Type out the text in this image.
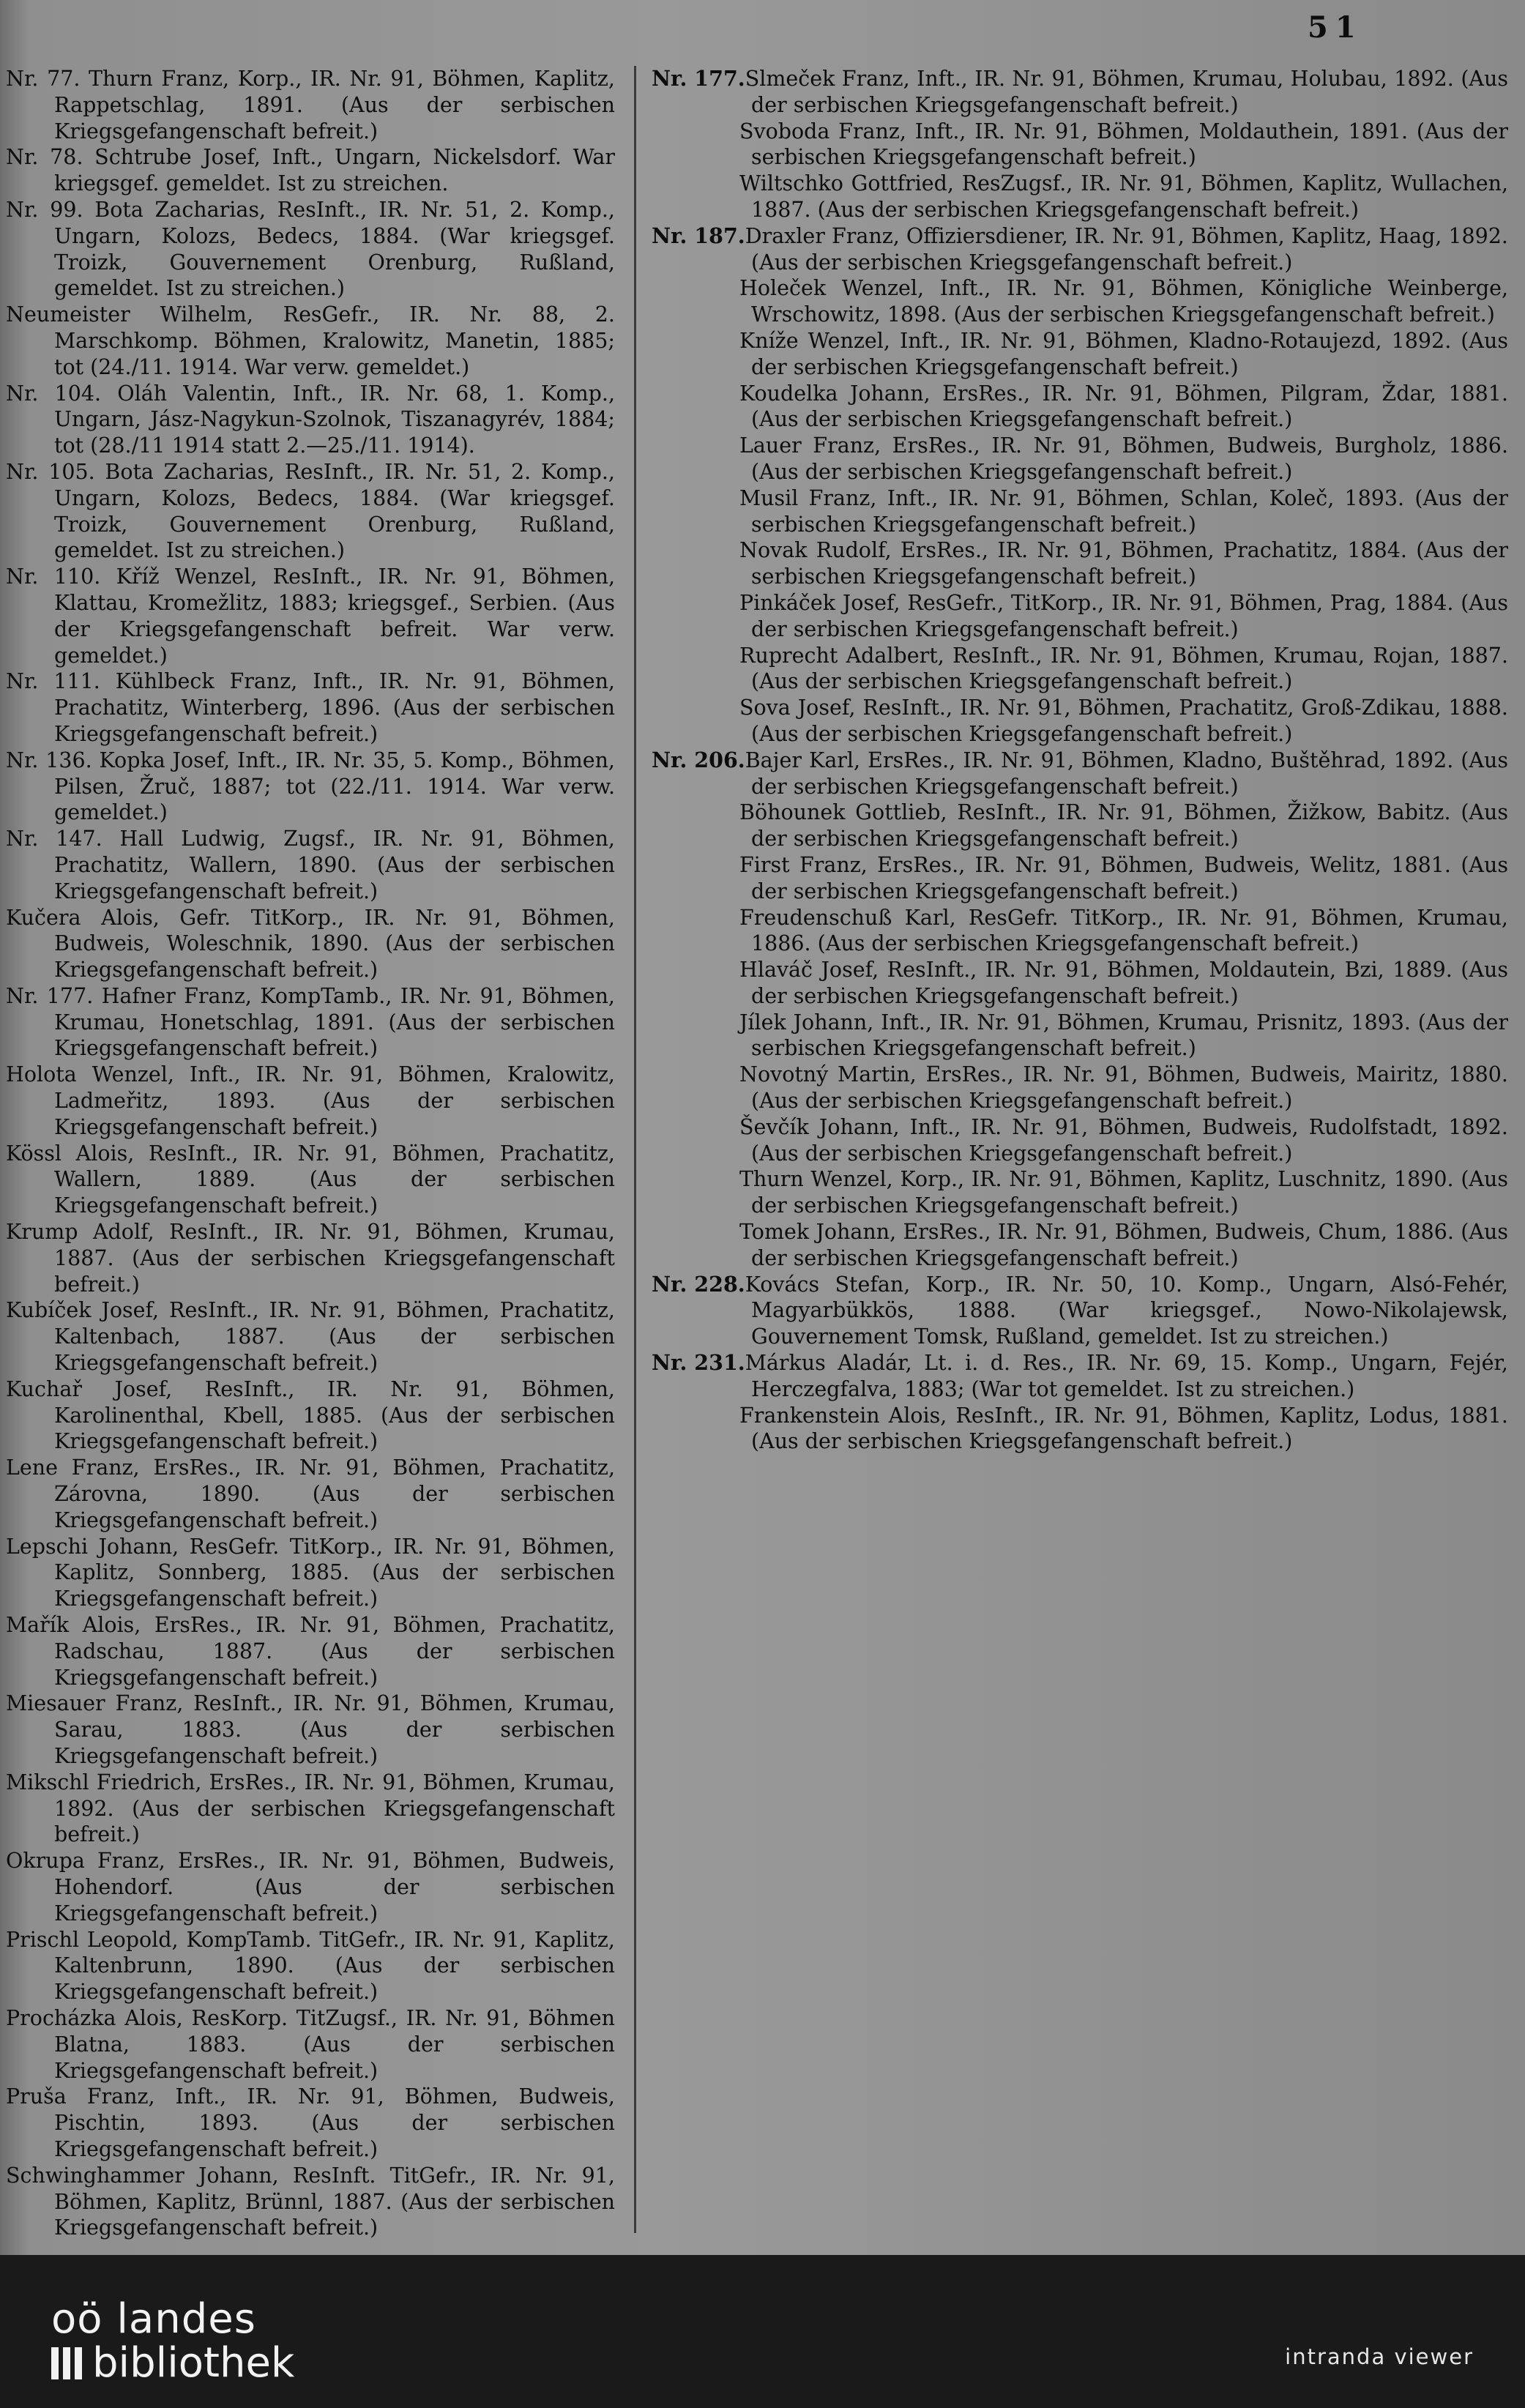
51

Nr. 77. Thurn Franz, Korp., IR. Nr. 91, Böhmen, Kaplitz, Rappetschlag, 1891. (Aus der serbischen Kriegsgefangenschaft befreit.)

Nr. 78. Schtrube Josef, Inft., Ungarn, Nickelsdorf. War kriegsgef. gemeldet. Ist zu streichen.

Nr. 99. Bota Zacharias, ResInft., IR. Nr. 51, 2. Komp., Ungarn, Kolozs, Bedecs, 1884. (War kriegsgef. Troizk, Gouvernement Orenburg, Rußland, gemeldet. Ist zu streichen.)

Neumeister Wilhelm, ResGefr., IR. Nr. 88, 2. Marschkomp. Böhmen, Kralowitz, Manetin, 1885; tot (24./11. 1914. War verw. gemeldet.)

Nr. 104. Oláh Valentin, Inft., IR. Nr. 68, 1. Komp., Ungarn, Jász-Nagykun-Szolnok, Tiszanagyrév, 1884; tot (28./11 1914 statt 2.—25./11. 1914).

Nr. 105. Bota Zacharias, ResInft., IR. Nr. 51, 2. Komp., Ungarn, Kolozs, Bedecs, 1884. (War kriegsgef. Troizk, Gouvernement Orenburg, Rußland, gemeldet. Ist zu streichen.)

Nr. 110. Kříž Wenzel, ResInft., IR. Nr. 91, Böhmen, Klattau, Kromežlitz, 1883; kriegsgef., Serbien. (Aus der Kriegsgefangenschaft befreit. War verw. gemeldet.)

Nr. 111. Kühlbeck Franz, Inft., IR. Nr. 91, Böhmen, Prachatitz, Winterberg, 1896. (Aus der serbischen Kriegsgefangenschaft befreit.)

Nr. 136. Kopka Josef, Inft., IR. Nr. 35, 5. Komp., Böhmen, Pilsen, Žruč, 1887; tot (22./11. 1914. War verw. gemeldet.)

Nr. 147. Hall Ludwig, Zugsf., IR. Nr. 91, Böhmen, Prachatitz, Wallern, 1890. (Aus der serbischen Kriegsgefangenschaft befreit.)

Kučera Alois, Gefr. TitKorp., IR. Nr. 91, Böhmen, Budweis, Woleschnik, 1890. (Aus der serbischen Kriegsgefangenschaft befreit.)

Nr. 177. Hafner Franz, KompTamb., IR. Nr. 91, Böhmen, Krumau, Honetschlag, 1891. (Aus der serbischen Kriegsgefangenschaft befreit.)

Holota Wenzel, Inft., IR. Nr. 91, Böhmen, Kralowitz, Ladmeřitz, 1893. (Aus der serbischen Kriegsgefangenschaft befreit.)

Kössl Alois, ResInft., IR. Nr. 91, Böhmen, Prachatitz, Wallern, 1889. (Aus der serbischen Kriegsgefangenschaft befreit.)

Krump Adolf, ResInft., IR. Nr. 91, Böhmen, Krumau, 1887. (Aus der serbischen Kriegsgefangenschaft befreit.)

Kubíček Josef, ResInft., IR. Nr. 91, Böhmen, Prachatitz, Kaltenbach, 1887. (Aus der serbischen Kriegsgefangenschaft befreit.)

Kuchař Josef, ResInft., IR. Nr. 91, Böhmen, Karolinenthal, Kbell, 1885. (Aus der serbischen Kriegsgefangenschaft befreit.)

Lene Franz, ErsRes., IR. Nr. 91, Böhmen, Prachatitz, Zárovna, 1890. (Aus der serbischen Kriegsgefangenschaft befreit.)

Lepschi Johann, ResGefr. TitKorp., IR. Nr. 91, Böhmen, Kaplitz, Sonnberg, 1885. (Aus der serbischen Kriegsgefangenschaft befreit.)

Mařík Alois, ErsRes., IR. Nr. 91, Böhmen, Prachatitz, Radschau, 1887. (Aus der serbischen Kriegsgefangenschaft befreit.)

Miesauer Franz, ResInft., IR. Nr. 91, Böhmen, Krumau, Sarau, 1883. (Aus der serbischen Kriegsgefangenschaft befreit.)

Mikschl Friedrich, ErsRes., IR. Nr. 91, Böhmen, Krumau, 1892. (Aus der serbischen Kriegsgefangenschaft befreit.)

Okrupa Franz, ErsRes., IR. Nr. 91, Böhmen, Budweis, Hohendorf. (Aus der serbischen Kriegsgefangenschaft befreit.)

Prischl Leopold, KompTamb. TitGefr., IR. Nr. 91, Kaplitz, Kaltenbrunn, 1890. (Aus der serbischen Kriegsgefangenschaft befreit.)

Procházka Alois, ResKorp. TitZugsf., IR. Nr. 91, Böhmen Blatna, 1883. (Aus der serbischen Kriegsgefangenschaft befreit.)

Pruša Franz, Inft., IR. Nr. 91, Böhmen, Budweis, Pischtin, 1893. (Aus der serbischen Kriegsgefangenschaft befreit.)

Schwinghammer Johann, ResInft. TitGefr., IR. Nr. 91, Böhmen, Kaplitz, Brünnl, 1887. (Aus der serbischen Kriegsgefangenschaft befreit.)

Nr. 177.Slmeček Franz, Inft., IR. Nr. 91, Böhmen, Krumau, Holubau, 1892. (Aus der serbischen Kriegsgefangenschaft befreit.)

Svoboda Franz, Inft., IR. Nr. 91, Böhmen, Moldauthein, 1891. (Aus der serbischen Kriegsgefangenschaft befreit.)

Wiltschko Gottfried, ResZugsf., IR. Nr. 91, Böhmen, Kaplitz, Wullachen, 1887. (Aus der serbischen Kriegsgefangenschaft befreit.)

Nr. 187.Draxler Franz, Offiziersdiener, IR. Nr. 91, Böhmen, Kaplitz, Haag, 1892. (Aus der serbischen Kriegsgefangenschaft befreit.)

Holeček Wenzel, Inft., IR. Nr. 91, Böhmen, Königliche Weinberge, Wrschowitz, 1898. (Aus der serbischen Kriegsgefangenschaft befreit.)

Kníže Wenzel, Inft., IR. Nr. 91, Böhmen, Kladno-Rotaujezd, 1892. (Aus der serbischen Kriegsgefangenschaft befreit.)

Koudelka Johann, ErsRes., IR. Nr. 91, Böhmen, Pilgram, Ždar, 1881. (Aus der serbischen Kriegsgefangenschaft befreit.)

Lauer Franz, ErsRes., IR. Nr. 91, Böhmen, Budweis, Burgholz, 1886. (Aus der serbischen Kriegsgefangenschaft befreit.)

Musil Franz, Inft., IR. Nr. 91, Böhmen, Schlan, Koleč, 1893. (Aus der serbischen Kriegsgefangenschaft befreit.)

Novak Rudolf, ErsRes., IR. Nr. 91, Böhmen, Prachatitz, 1884. (Aus der serbischen Kriegsgefangenschaft befreit.)

Pinkáček Josef, ResGefr., TitKorp., IR. Nr. 91, Böhmen, Prag, 1884. (Aus der serbischen Kriegsgefangenschaft befreit.)

Ruprecht Adalbert, ResInft., IR. Nr. 91, Böhmen, Krumau, Rojan, 1887. (Aus der serbischen Kriegsgefangenschaft befreit.)

Sova Josef, ResInft., IR. Nr. 91, Böhmen, Prachatitz, Groß-Zdikau, 1888. (Aus der serbischen Kriegsgefangenschaft befreit.)

Nr. 206.Bajer Karl, ErsRes., IR. Nr. 91, Böhmen, Kladno, Buštěhrad, 1892. (Aus der serbischen Kriegsgefangenschaft befreit.)

Böhounek Gottlieb, ResInft., IR. Nr. 91, Böhmen, Žižkow, Babitz. (Aus der serbischen Kriegsgefangenschaft befreit.)

First Franz, ErsRes., IR. Nr. 91, Böhmen, Budweis, Welitz, 1881. (Aus der serbischen Kriegsgefangenschaft befreit.)

Freudenschuß Karl, ResGefr. TitKorp., IR. Nr. 91, Böhmen, Krumau, 1886. (Aus der serbischen Kriegsgefangenschaft befreit.)

Hlaváč Josef, ResInft., IR. Nr. 91, Böhmen, Moldautein, Bzi, 1889. (Aus der serbischen Kriegsgefangenschaft befreit.)

Jílek Johann, Inft., IR. Nr. 91, Böhmen, Krumau, Prisnitz, 1893. (Aus der serbischen Kriegsgefangenschaft befreit.)

Novotný Martin, ErsRes., IR. Nr. 91, Böhmen, Budweis, Mairitz, 1880. (Aus der serbischen Kriegsgefangenschaft befreit.)

Ševčík Johann, Inft., IR. Nr. 91, Böhmen, Budweis, Rudolfstadt, 1892. (Aus der serbischen Kriegsgefangenschaft befreit.)

Thurn Wenzel, Korp., IR. Nr. 91, Böhmen, Kaplitz, Luschnitz, 1890. (Aus der serbischen Kriegsgefangenschaft befreit.)

Tomek Johann, ErsRes., IR. Nr. 91, Böhmen, Budweis, Chum, 1886. (Aus der serbischen Kriegsgefangenschaft befreit.)

Nr. 228.Kovács Stefan, Korp., IR. Nr. 50, 10. Komp., Ungarn, Alsó-Fehér, Magyarbükkös, 1888. (War kriegsgef., Nowo-Nikolajewsk, Gouvernement Tomsk, Rußland, gemeldet. Ist zu streichen.)

Nr. 231.Márkus Aladár, Lt. i. d. Res., IR. Nr. 69, 15. Komp., Ungarn, Fejér, Herczegfalva, 1883; (War tot gemeldet. Ist zu streichen.)

Frankenstein Alois, ResInft., IR. Nr. 91, Böhmen, Kaplitz, Lodus, 1881. (Aus der serbischen Kriegsgefangenschaft befreit.)

oö landes
bibliothek	intranda viewer
